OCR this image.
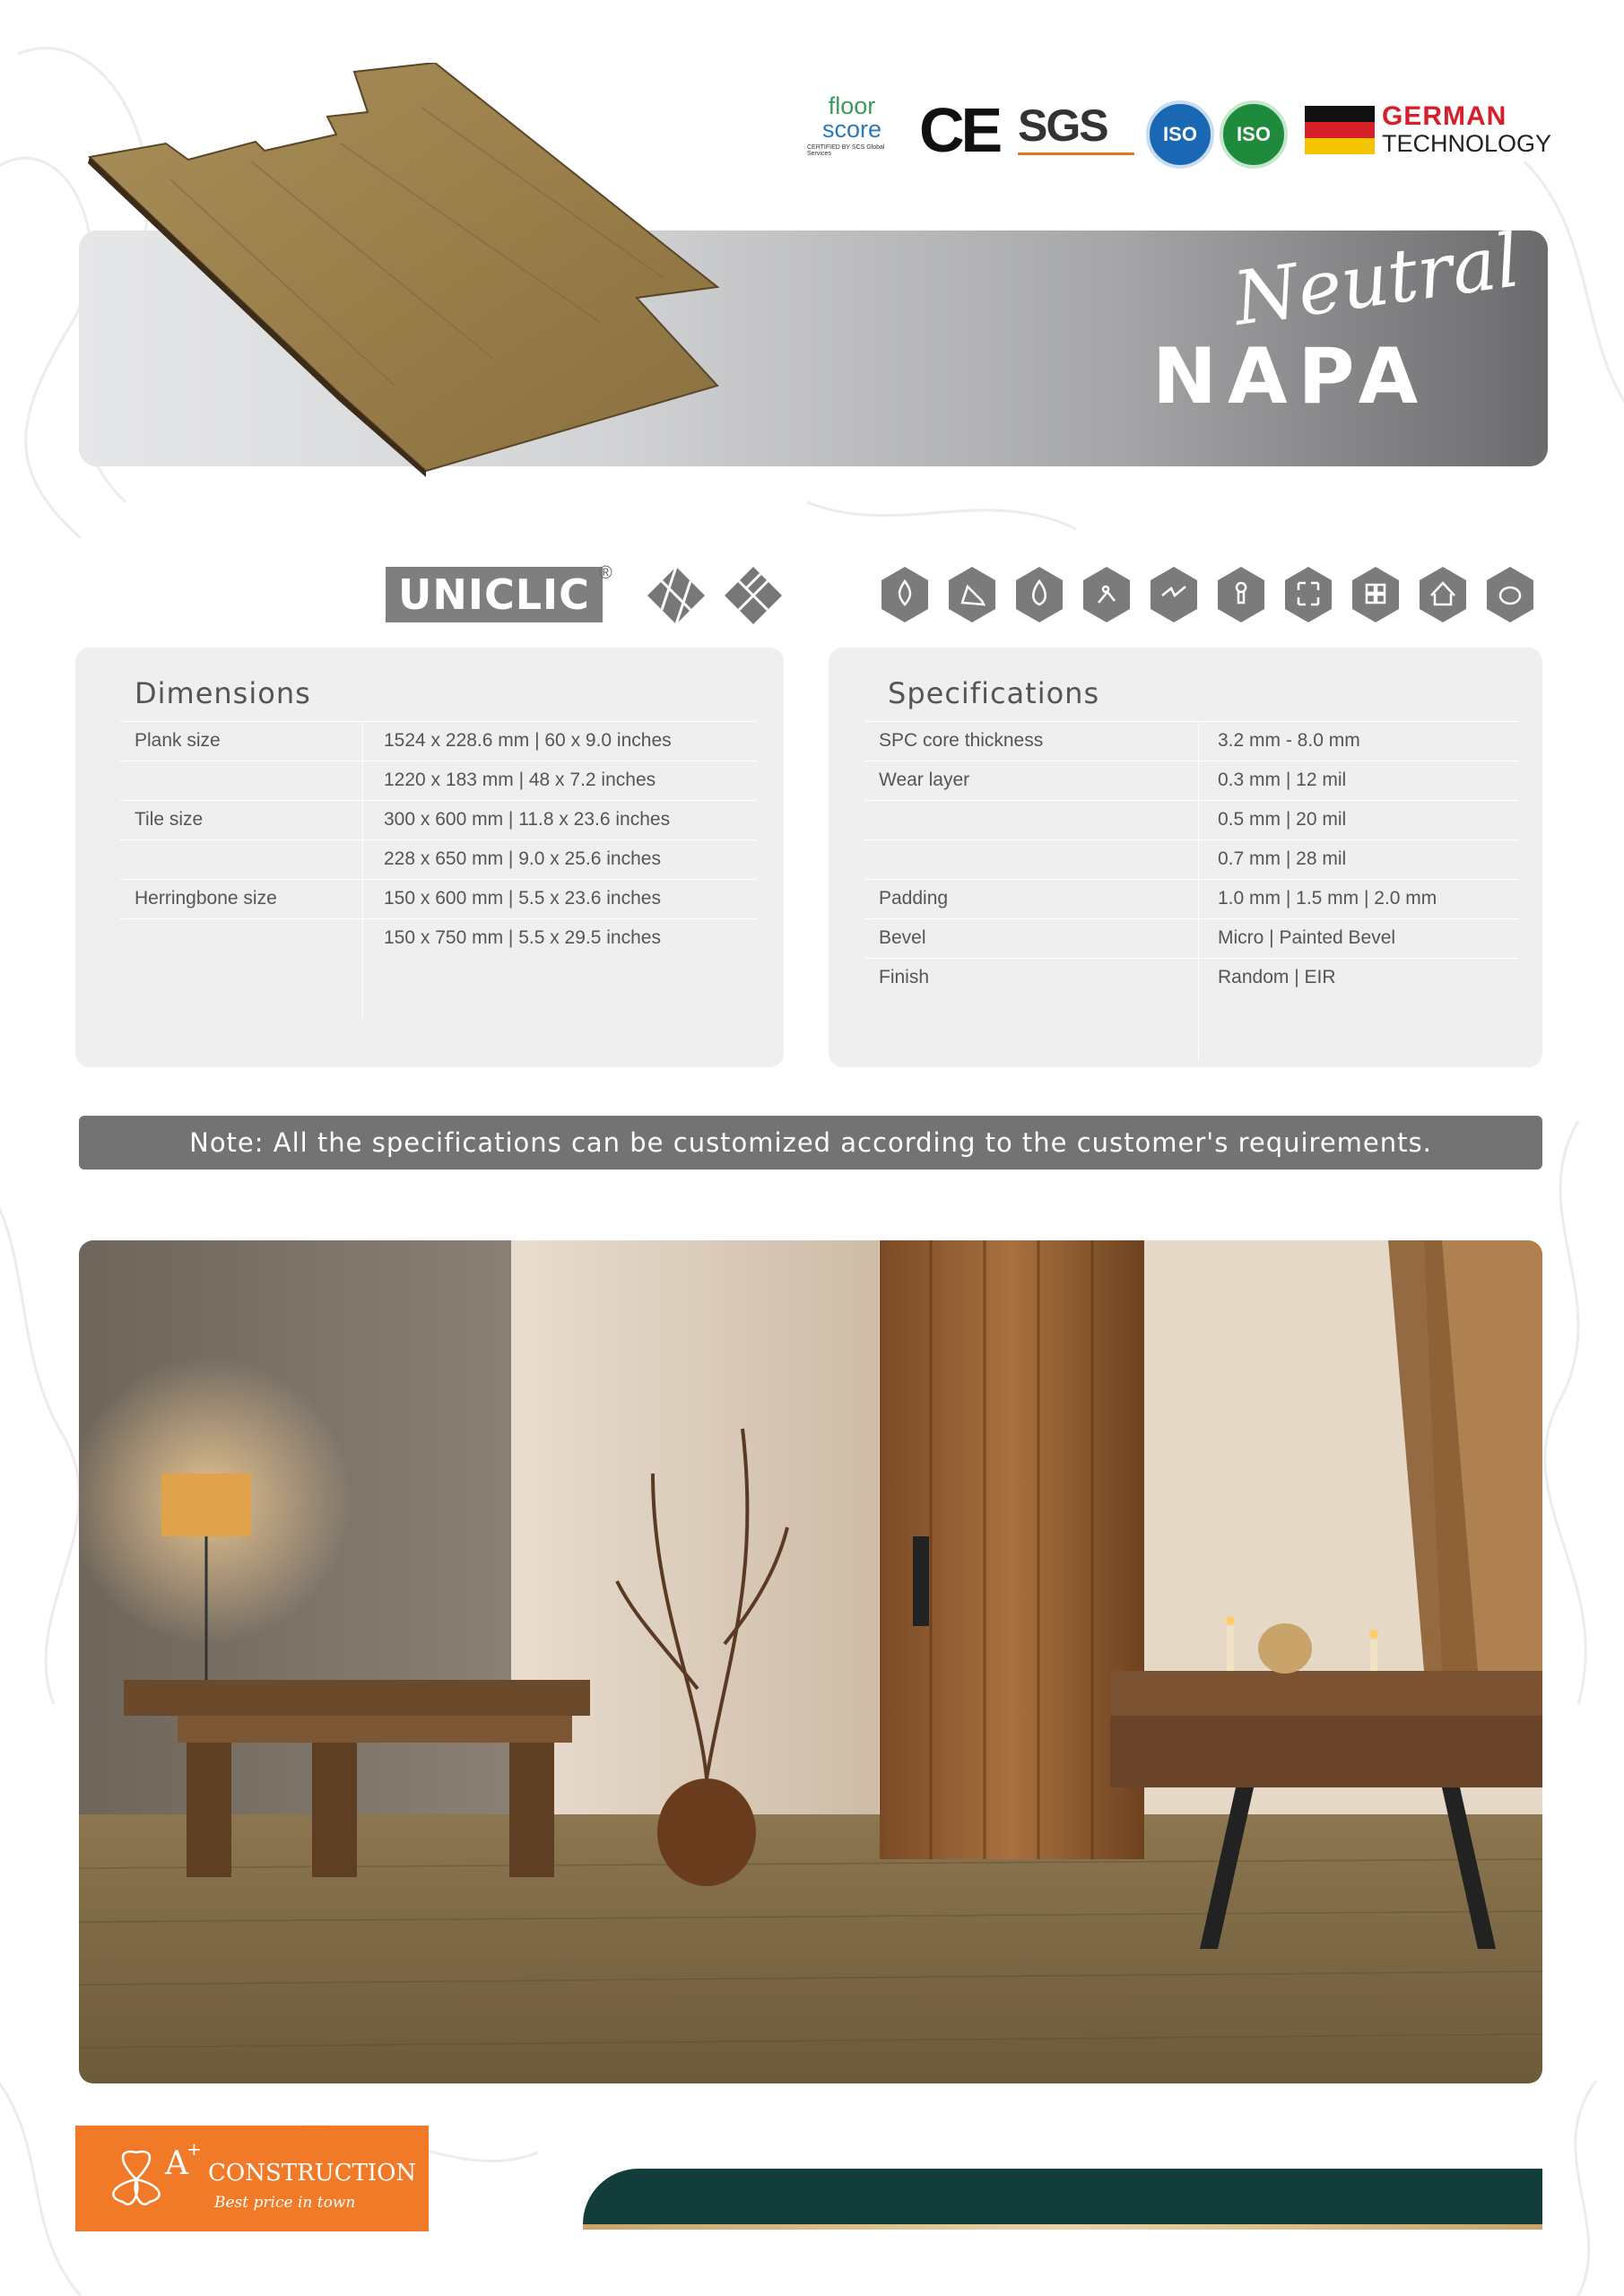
floor
score
CERTIFIED BY SCS Global Services	CE SGS	ISO	ISO
GERMAN
TECHNOLOGY
Neutral
NAPA
UNICLIC ®
Dimensions
Plank size	1524 x 228.6 mm | 60 x 9.0 inches
1220 x 183 mm | 48 x 7.2 inches
Tile size	300 x 600 mm | 11.8 x 23.6 inches
228 x 650 mm | 9.0 x 25.6 inches
Herringbone size	150 x 600 mm | 5.5 x 23.6 inches
150 x 750 mm | 5.5 x 29.5 inches
Specifications
SPC core thickness	3.2 mm - 8.0 mm
Wear layer	0.3 mm | 12 mil
0.5 mm | 20 mil
0.7 mm | 28 mil
Padding	1.0 mm | 1.5 mm | 2.0 mm
Bevel	Micro | Painted Bevel
Finish	Random | EIR
Note: All the specifications can be customized according to the customer's requirements.
A
+
CONSTRUCTION
Best price in town
